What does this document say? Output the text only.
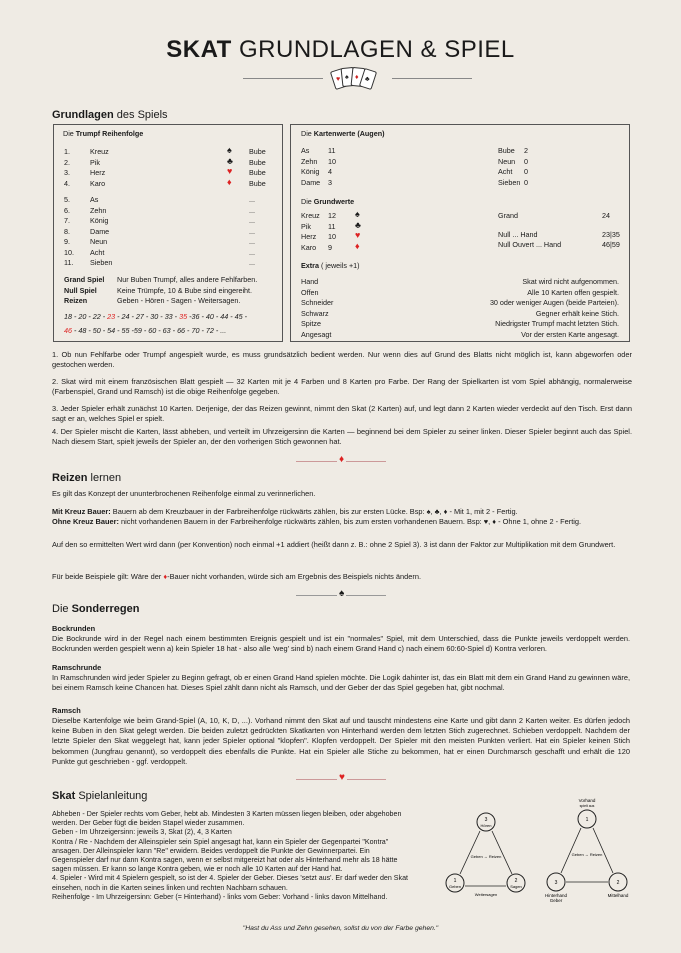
SKAT GRUNDLAGEN & SPIEL
♥ ♠ ♦ ♣
Grundlagen des Spiels
Die Trumpf Reihenfolge
1.	Kreuz	♠ Bube
2.	Pik	♣ Bube
3.	Herz	♥ Bube
4.	Karo	♦ Bube
5.	As	...
6.	Zehn	...
7.	König	...
8.	Dame	...
9.	Neun	...
10. Acht	...
11. Sieben	...
Grand Spiel Nur Buben Trumpf, alles andere Fehlfarben.
Null Spiel	Keine Trümpfe, 10 & Bube sind eingereiht.
Reizen	Geben - Hören - Sagen - Weitersagen.
18 - 20 - 22 - 23 - 24 - 27 - 30 - 33 - 35 -36 - 40 - 44 - 45 -
46 - 48 - 50 - 54 - 55 -59 - 60 - 63 - 66 - 70 - 72 - ...
Die Kartenwerte (Augen)
As	11
Zehn 10
König 4
Dame 3
Bube 2
Neun 0
Acht 0
Sieben 0
Die Grundwerte
Kreuz 12 ♠
Pik 11 ♣
Herz 10 ♥
Karo 9	♦
Grand	24
Null ... Hand	23|35
Null Ouvert ... Hand	46|59
Extra ( jeweils +1)
Hand	Skat wird nicht aufgenommen.
Offen	Alle 10 Karten offen gespielt.
Schneider	30 oder weniger Augen (beide Parteien).
Schwarz	Gegner erhält keine Stich.
Spitze	Niedrigster Trumpf macht letzten Stich.
Angesagt	Vor der ersten Karte angesagt.
1. Ob nun Fehlfarbe oder Trumpf angespielt wurde, es muss grundsätzlich bedient werden. Nur wenn dies auf Grund des Blatts nicht möglich ist, kann abgeworfen oder gestochen werden.
2. Skat wird mit einem französischen Blatt gespielt — 32 Karten mit je 4 Farben und 8 Karten pro Farbe. Der Rang der Spielkarten ist vom Spiel abhängig, normalerweise (Farbenspiel, Grand und Ramsch) ist die obige Reihenfolge gegeben.
3. Jeder Spieler erhält zunächst 10 Karten. Derjenige, der das Reizen gewinnt, nimmt den Skat (2 Karten) auf, und legt dann 2 Karten wieder verdeckt auf den Tisch. Erst dann sagt er an, welches Spiel er spielt.
4. Der Spieler mischt die Karten, lässt abheben, und verteilt im Uhrzeigersinn die Karten — beginnend bei dem Spieler zu seiner linken. Dieser Spieler beginnt auch das Spiel. Nach diesem Start, spielt jeweils der Spieler an, der den vorherigen Stich gewonnen hat.
♦
Reizen lernen
Es gilt das Konzept der ununterbrochenen Reihenfolge einmal zu verinnerlichen.
Mit Kreuz Bauer: Bauern ab dem Kreuzbauer in der Farbreihenfolge rückwärts zählen, bis zur ersten Lücke. Bsp: ♠, ♣, ♦ - Mit 1, mit 2 - Fertig.
Ohne Kreuz Bauer: nicht vorhandenen Bauern in der Farbreihenfolge rückwärts zählen, bis zum ersten vorhandenen Bauern. Bsp: ♥, ♦ - Ohne 1, ohne 2 - Fertig.
Auf den so ermittelten Wert wird dann (per Konvention) noch einmal +1 addiert (heißt dann z. B.: ohne 2 Spiel 3). 3 ist dann der Faktor zur Multiplikation mit dem Grundwert.
Für beide Beispiele gilt: Wäre der ♦-Bauer nicht vorhanden, würde sich am Ergebnis des Beispiels nichts ändern.
♠
Die Sonderregen
Bockrunden
Die Bockrunde wird in der Regel nach einem bestimmten Ereignis gespielt und ist ein "normales" Spiel, mit dem Unterschied, dass die Punkte jeweils verdoppelt werden. Bockrunden werden gespielt wenn a) kein Spieler 18 hat - also alle 'weg' sind b) nach einem Grand Hand c) nach einem 60:60-Spiel d) Kontra verloren.
Ramschrunde
In Ramschrunden wird jeder Spieler zu Beginn gefragt, ob er einen Grand Hand spielen möchte. Die Logik dahinter ist, das ein Blatt mit dem ein Grand Hand zu gewinnen wäre, bei einem Ramsch keine Chancen hat. Dieses Spiel zählt dann nicht als Ramsch, und der Geber der das Spiel gegeben hat, gibt nochmal.
Ramsch
Dieselbe Kartenfolge wie beim Grand-Spiel (A, 10, K, D, ...). Vorhand nimmt den Skat auf und tauscht mindestens eine Karte und gibt dann 2 Karten weiter. Es dürfen jedoch keine Buben in den Skat gelegt werden. Die beiden zuletzt gedrückten Skatkarten von Hinterhand werden dem letzten Stich zugerechnet. Schieben verdoppelt. Nachdem der letzte Spieler den Skat weggelegt hat, kann jeder Spieler optional "klopfen". Klopfen verdoppelt. Der Spieler mit den meisten Punkten verliert. Hat ein Spieler keinen Stich bekommen (Jungfrau genannt), so verdoppelt dies ebenfalls die Punkte. Hat ein Spieler alle Stiche zu bekommen, hat er einen Durchmarsch geschafft und erhält die 120 Punkte gut geschrieben - ggf. verdoppelt.
♥
Skat Spielanleitung
Abheben - Der Spieler rechts vom Geber, hebt ab. Mindesten 3 Karten müssen liegen bleiben, oder abgehoben
werden. Der Geber fügt die beiden Stapel wieder zusammen.
Geben - Im Uhrzeigersinn: jeweils 3, Skat (2), 4, 3 Karten
Kontra / Re - Nachdem der Alleinspieler sein Spiel angesagt hat, kann ein Spieler der Gegenpartei "Kontra"
ansagen. Der Alleinspieler kann "Re" erwidern. Beides verdoppelt die Punkte der Gewinnerpartei. Ein
Gegenspieler darf nur dann Kontra sagen, wenn er selbst mitgereizt hat oder als Hinterhand mehr als 18 hätte
sagen müssen. Er kann so lange Kontra geben, wie er noch alle 10 Karten auf der Hand hat.
4. Spieler - Wird mit 4 Spielern gespielt, so ist der 4. Spieler der Geber. Dieses 'setzt aus'. Er darf weder den Skat
einsehen, noch in die Karten seines linken und rechten Nachbarn schauen.
Reihenfolge - Im Uhrzeigersinn: Geber (= Hinterhand) - links vom Geber: Vorhand - links davon Mittelhand.
3
Hören
1
Geben
2
Sagen
Geben ↔ Reizen
Weitersagen
Vorhand
spielt aus
1
2
3
Geben ↔ Reizen
Hinterhand
Geber
Mittelhand
"Hast du Ass und Zehn gesehen, sollst du von der Farbe gehen."
